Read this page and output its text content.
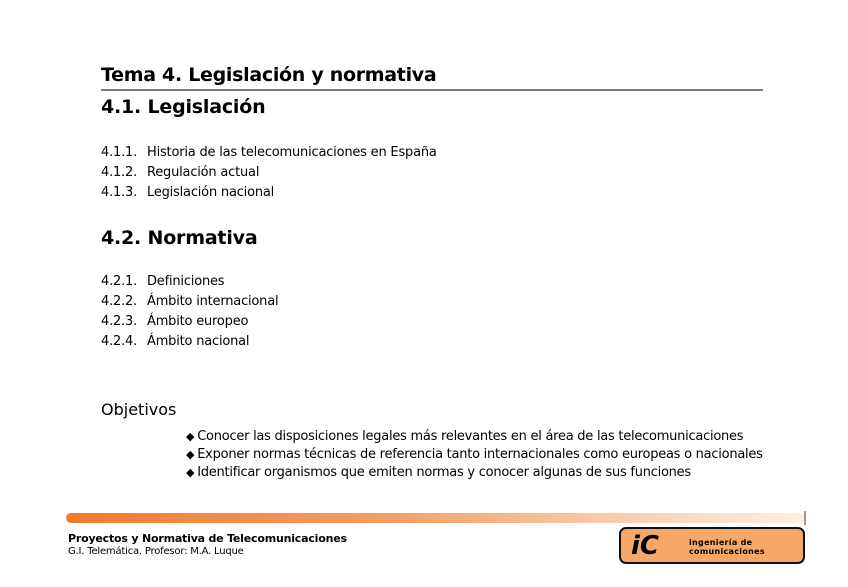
Tema 4. Legislación y normativa
4.1. Legislación
4.1.1. Historia de las telecomunicaciones en España
4.1.2. Regulación actual
4.1.3. Legislación nacional
4.2. Normativa
4.2.1. Definiciones
4.2.2. Ámbito internacional
4.2.3. Ámbito europeo
4.2.4. Ámbito nacional
Objetivos
◆ Conocer las disposiciones legales más relevantes en el área de las telecomunicaciones
◆ Exponer normas técnicas de referencia tanto internacionales como europeas o nacionales
◆ Identificar organismos que emiten normas y conocer algunas de sus funciones

Proyectos y Normativa de Telecomunicaciones

G.I. Telemática. Profesor: M.A. Luque	iC	ingeniería de
comunicaciones
